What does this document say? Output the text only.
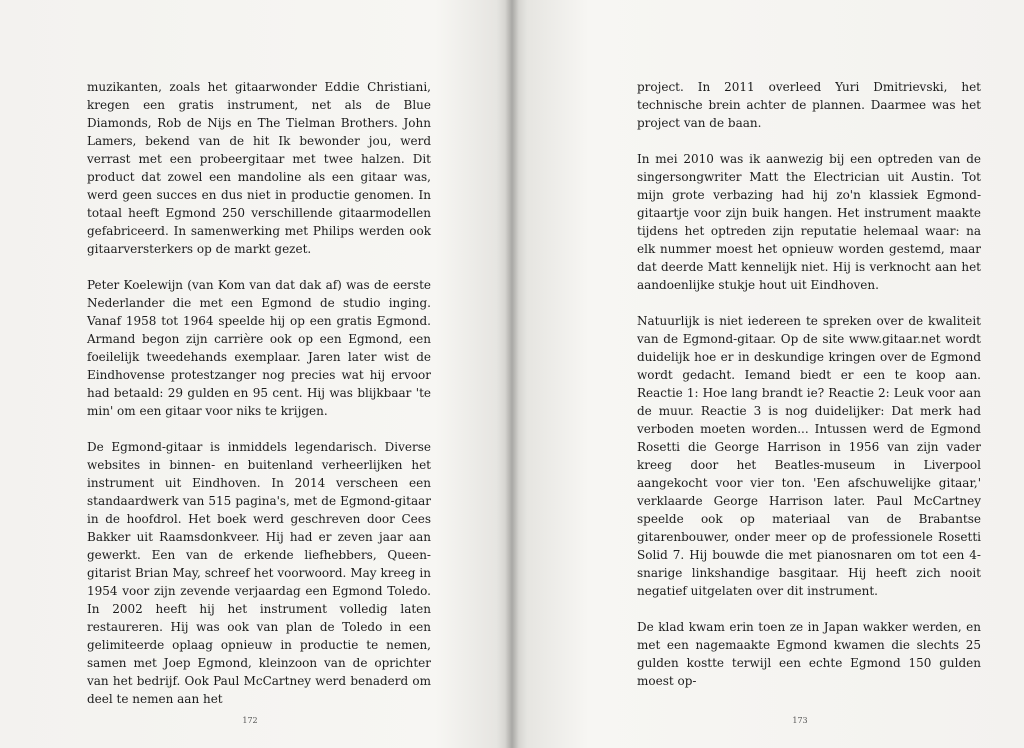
muzikanten, zoals het gitaarwonder Eddie Christiani, kregen een gratis instrument, net als de Blue Diamonds, Rob de Nijs en The Tielman Brothers. John Lamers, bekend van de hit Ik bewonder jou, werd verrast met een probeergitaar met twee halzen. Dit product dat zowel een mandoline als een gitaar was, werd geen succes en dus niet in productie genomen. In totaal heeft Egmond 250 verschillende gitaarmodellen gefabriceerd. In samenwerking met Philips werden ook gitaarversterkers op de markt gezet.

Peter Koelewijn (van Kom van dat dak af) was de eerste Nederlander die met een Egmond de studio inging. Vanaf 1958 tot 1964 speelde hij op een gratis Egmond. Armand begon zijn carrière ook op een Egmond, een foeilelijk tweedehands exemplaar. Jaren later wist de Eindhovense protestzanger nog precies wat hij ervoor had betaald: 29 gulden en 95 cent. Hij was blijkbaar 'te min' om een gitaar voor niks te krijgen.

De Egmond-gitaar is inmiddels legendarisch. Diverse websites in binnen- en buitenland verheerlijken het instrument uit Eindhoven. In 2014 verscheen een standaardwerk van 515 pagina's, met de Egmond-gitaar in de hoofdrol. Het boek werd geschreven door Cees Bakker uit Raamsdonkveer. Hij had er zeven jaar aan gewerkt. Een van de erkende liefhebbers, Queen-gitarist Brian May, schreef het voorwoord. May kreeg in 1954 voor zijn zevende verjaardag een Egmond Toledo. In 2002 heeft hij het instrument volledig laten restaureren. Hij was ook van plan de Toledo in een gelimiteerde oplaag opnieuw in productie te nemen, samen met Joep Egmond, kleinzoon van de oprichter van het bedrijf. Ook Paul McCartney werd benaderd om deel te nemen aan het

172

project. In 2011 overleed Yuri Dmitrievski, het technische brein achter de plannen. Daarmee was het project van de baan.

In mei 2010 was ik aanwezig bij een optreden van de singersongwriter Matt the Electrician uit Austin. Tot mijn grote verbazing had hij zo'n klassiek Egmond-gitaartje voor zijn buik hangen. Het instrument maakte tijdens het optreden zijn reputatie helemaal waar: na elk nummer moest het opnieuw worden gestemd, maar dat deerde Matt kennelijk niet. Hij is verknocht aan het aandoenlijke stukje hout uit Eindhoven.

Natuurlijk is niet iedereen te spreken over de kwaliteit van de Egmond-gitaar. Op de site www.gitaar.net wordt duidelijk hoe er in deskundige kringen over de Egmond wordt gedacht. Iemand biedt er een te koop aan. Reactie 1: Hoe lang brandt ie? Reactie 2: Leuk voor aan de muur. Reactie 3 is nog duidelijker: Dat merk had verboden moeten worden... Intussen werd de Egmond Rosetti die George Harrison in 1956 van zijn vader kreeg door het Beatles-museum in Liverpool aangekocht voor vier ton. 'Een afschuwelijke gitaar,' verklaarde George Harrison later. Paul McCartney speelde ook op materiaal van de Brabantse gitarenbouwer, onder meer op de professionele Rosetti Solid 7. Hij bouwde die met pianosnaren om tot een 4-snarige linkshandige basgitaar. Hij heeft zich nooit negatief uitgelaten over dit instrument.

De klad kwam erin toen ze in Japan wakker werden, en met een nagemaakte Egmond kwamen die slechts 25 gulden kostte terwijl een echte Egmond 150 gulden moest op-

173
